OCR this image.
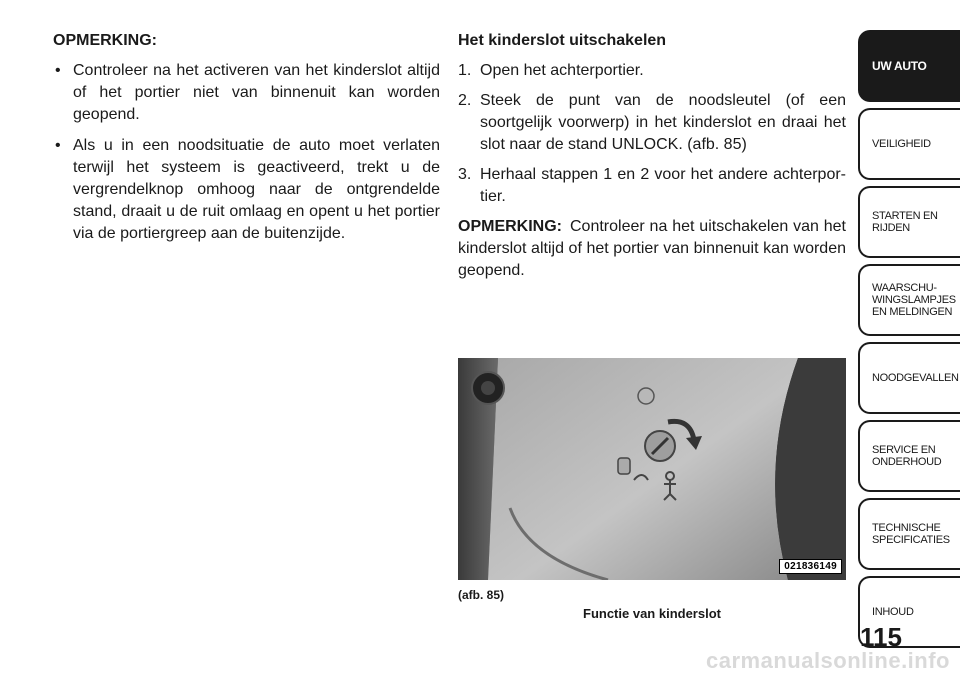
OPMERKING:
• Controleer na het activeren van het kinderslot altijd of het portier niet van binnenuit kan worden geopend.
• Als u in een noodsituatie de auto moet verlaten terwijl het systeem is geactiveerd, trekt u de vergrendelknop omhoog naar de ontgrendelde stand, draait u de ruit omlaag en opent u het portier via de portiergreep aan de buitenzijde.
Het kinderslot uitschakelen
1. Open het achterportier.
2. Steek de punt van de noodsleutel (of een soortgelijk voorwerp) in het kinderslot en draai het slot naar de stand UNLOCK. (afb. 85)
3. Herhaal stappen 1 en 2 voor het andere achterpor-tier.

OPMERKING: Controleer na het uitschakelen van het kinderslot altijd of het portier van binnenuit kan worden geopend.

021836149
(afb. 85)
Functie van kinderslot
UW AUTO
VEILIGHEID
STARTEN EN
RIJDEN
WAARSCHU-
WINGSLAMPJES
EN MELDINGEN
NOODGEVALLEN
SERVICE EN
ONDERHOUD
TECHNISCHE
SPECIFICATIES
INHOUD
115
carmanualsonline.info
